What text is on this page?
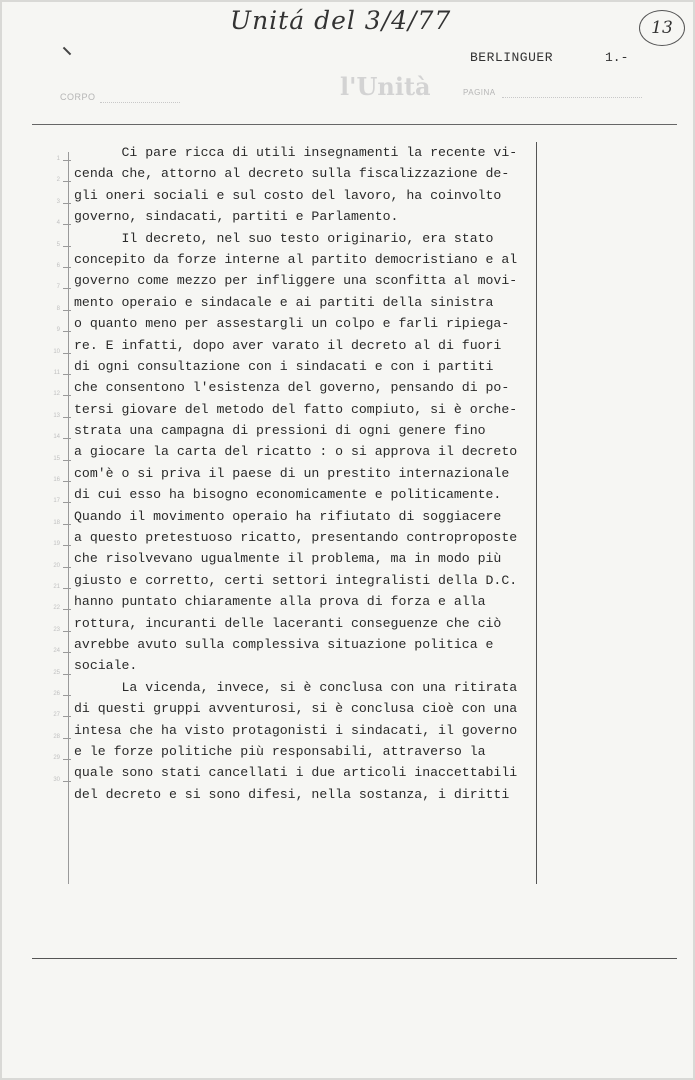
Unitá del 3/4/77	13
BERLINGUER	1.-
l'Unità
CORPO	PAGINA
1
2
3
4
5
6
7
8
9
10
11
12
13
14
15
16
17
18
19
20
21
22
23
24
25
26
27
28
29
30
Ci pare ricca di utili insegnamenti la recente vi-
cenda che, attorno al decreto sulla fiscalizzazione de-
gli oneri sociali e sul costo del lavoro, ha coinvolto
governo, sindacati, partiti e Parlamento.
Il decreto, nel suo testo originario, era stato
concepito da forze interne al partito democristiano e al
governo come mezzo per infliggere una sconfitta al movi-
mento operaio e sindacale e ai partiti della sinistra
o quanto meno per assestargli un colpo e farli ripiega-
re. E infatti, dopo aver varato il decreto al di fuori
di ogni consultazione con i sindacati e con i partiti
che consentono l'esistenza del governo, pensando di po-
tersi giovare del metodo del fatto compiuto, si è orche-
strata una campagna di pressioni di ogni genere fino
a giocare la carta del ricatto : o si approva il decreto
com'è o si priva il paese di un prestito internazionale
di cui esso ha bisogno economicamente e politicamente.
Quando il movimento operaio ha rifiutato di soggiacere
a questo pretestuoso ricatto, presentando controproposte
che risolvevano ugualmente il problema, ma in modo più
giusto e corretto, certi settori integralisti della D.C.
hanno puntato chiaramente alla prova di forza e alla
rottura, incuranti delle laceranti conseguenze che ciò
avrebbe avuto sulla complessiva situazione politica e
sociale.
La vicenda, invece, si è conclusa con una ritirata
di questi gruppi avventurosi, si è conclusa cioè con una
intesa che ha visto protagonisti i sindacati, il governo
e le forze politiche più responsabili, attraverso la
quale sono stati cancellati i due articoli inaccettabili
del decreto e si sono difesi, nella sostanza, i diritti
